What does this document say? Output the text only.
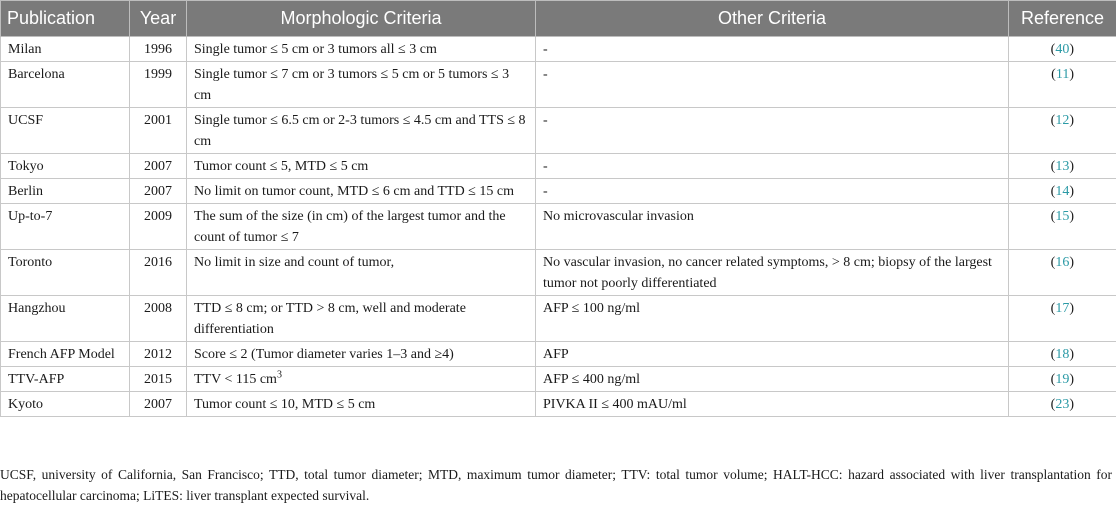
Publication	Year	Morphologic Criteria	Other Criteria	Reference
Milan	1996	Single tumor ≤ 5 cm or 3 tumors all ≤ 3 cm	-	(40)
Barcelona	1999	Single tumor ≤ 7 cm or 3 tumors ≤ 5 cm or 5 tumors ≤ 3 cm	-	(11)
UCSF	2001	Single tumor ≤ 6.5 cm or 2-3 tumors ≤ 4.5 cm and TTS ≤ 8 cm	-	(12)
Tokyo	2007	Tumor count ≤ 5, MTD ≤ 5 cm	-	(13)
Berlin	2007	No limit on tumor count, MTD ≤ 6 cm and TTD ≤ 15 cm	-	(14)
Up-to-7	2009	The sum of the size (in cm) of the largest tumor and the count of tumor ≤ 7	No microvascular invasion	(15)
Toronto	2016	No limit in size and count of tumor,	No vascular invasion, no cancer related symptoms, > 8 cm; biopsy of the largest tumor not poorly differentiated	(16)
Hangzhou	2008	TTD ≤ 8 cm; or TTD > 8 cm, well and moderate differentiation	AFP ≤ 100 ng/ml	(17)
French AFP Model	2012	Score ≤ 2 (Tumor diameter varies 1–3 and ≥4)	AFP	(18)
TTV-AFP	2015	TTV < 115 $cm^3$	AFP ≤ 400 ng/ml	(19)
Kyoto	2007	Tumor count ≤ 10, MTD ≤ 5 cm	PIVKA II ≤ 400 mAU/ml	(23)
UCSF, university of California, San Francisco; TTD, total tumor diameter; MTD, maximum tumor diameter; TTV: total tumor volume; HALT-HCC: hazard associated with liver transplantation for hepatocellular carcinoma; LiTES: liver transplant expected survival.
